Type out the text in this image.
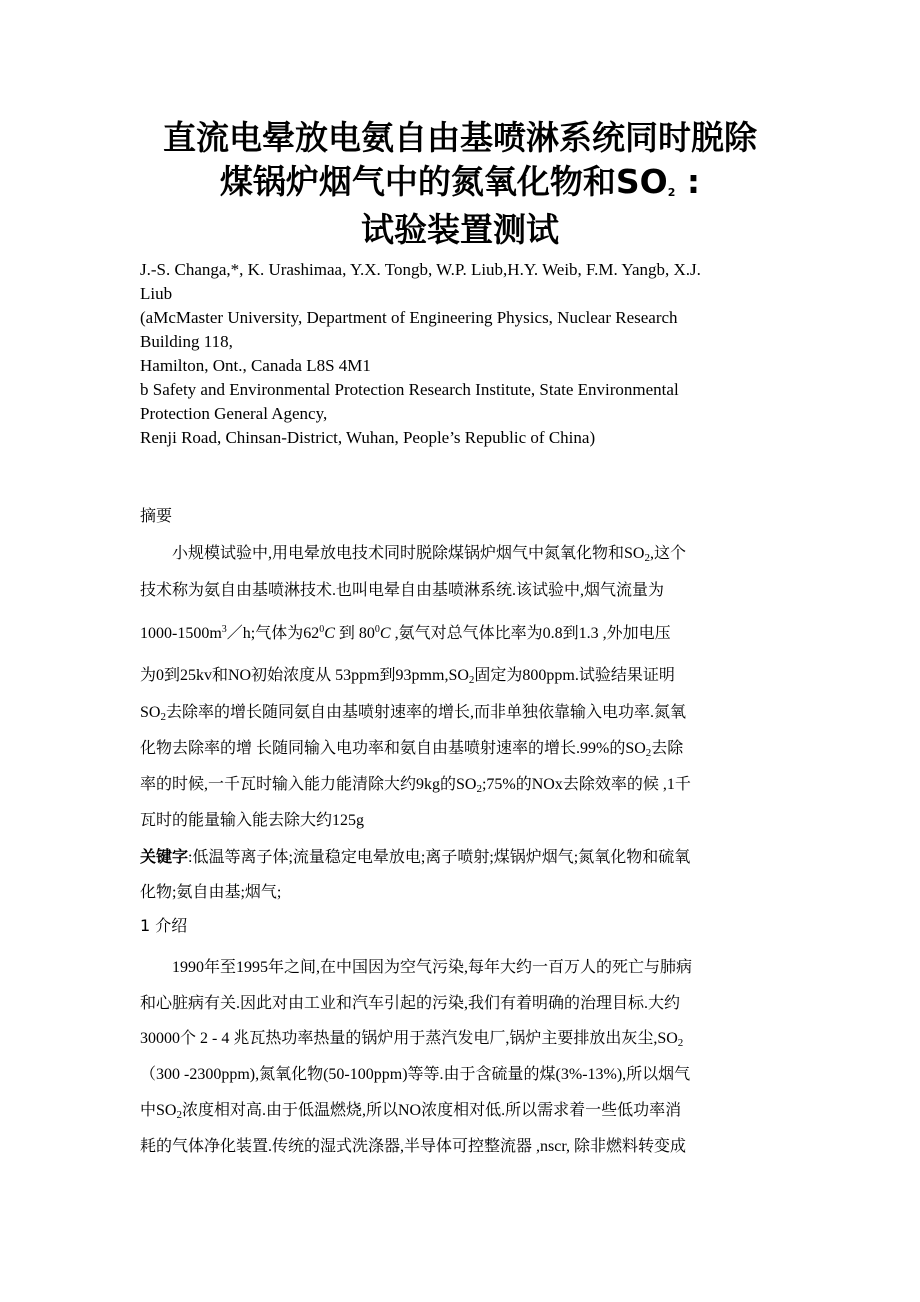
直流电晕放电氨自由基喷淋系统同时脱除
煤锅炉烟气中的氮氧化物和$SO_2$ :
试验装置测试
J.-S. Changa,*, K. Urashimaa, Y.X. Tongb, W.P. Liub,H.Y. Weib, F.M. Yangb, X.J.
Liub
(aMcMaster University, Department of Engineering Physics, Nuclear Research
Building 118,
Hamilton, Ont., Canada L8S 4M1
b Safety and Environmental Protection Research Institute, State Environmental
Protection General Agency,
Renji Road, Chinsan-District, Wuhan, People’s Republic of China)
摘要
小规模试验中,用电晕放电技术同时脱除煤锅炉烟气中氮氧化物和$SO_2$,这个
技术称为氨自由基喷淋技术.也叫电晕自由基喷淋系统.该试验中,烟气流量为
$1000-1500m^3/h$;气体为$62^0C$ 到 $80^0C$ ,氨气对总气体比率为0.8到1.3 ,外加电压
为0到25kv和NO初始浓度从 53ppm到$93pmm,SO_2$固定为800ppm.试验结果证明
$SO_2$去除率的增长随同氨自由基喷射速率的增长,而非单独依靠输入电功率.氮氧
化物去除率的增 长随同输入电功率和氨自由基喷射速率的增长.99%的$SO_2$去除
率的时候,一千瓦时输入能力能清除大约9kg的$SO_2;75\%$的NOx去除效率的候 ,1千
瓦时的能量输入能去除大约125g
关键字:低温等离子体;流量稳定电晕放电;离子喷射;煤锅炉烟气;氮氧化物和硫氧
化物;氨自由基;烟气;
1 介绍
1990年至1995年之间,在中国因为空气污染,每年大约一百万人的死亡与肺病
和心脏病有关.因此对由工业和汽车引起的污染,我们有着明确的治理目标.大约
30000个 2 - 4 兆瓦热功率热量的锅炉用于蒸汽发电厂,锅炉主要排放出灰尘$,SO_2$
（300 -2300ppm),氮氧化物(50-100ppm)等等.由于含硫量的煤(3%-13%),所以烟气
中$SO_2$浓度相对高.由于低温燃烧,所以NO浓度相对低.所以需求着一些低功率消
耗的气体净化装置.传统的湿式洗涤器,半导体可控整流器 ,nscr, 除非燃料转变成
